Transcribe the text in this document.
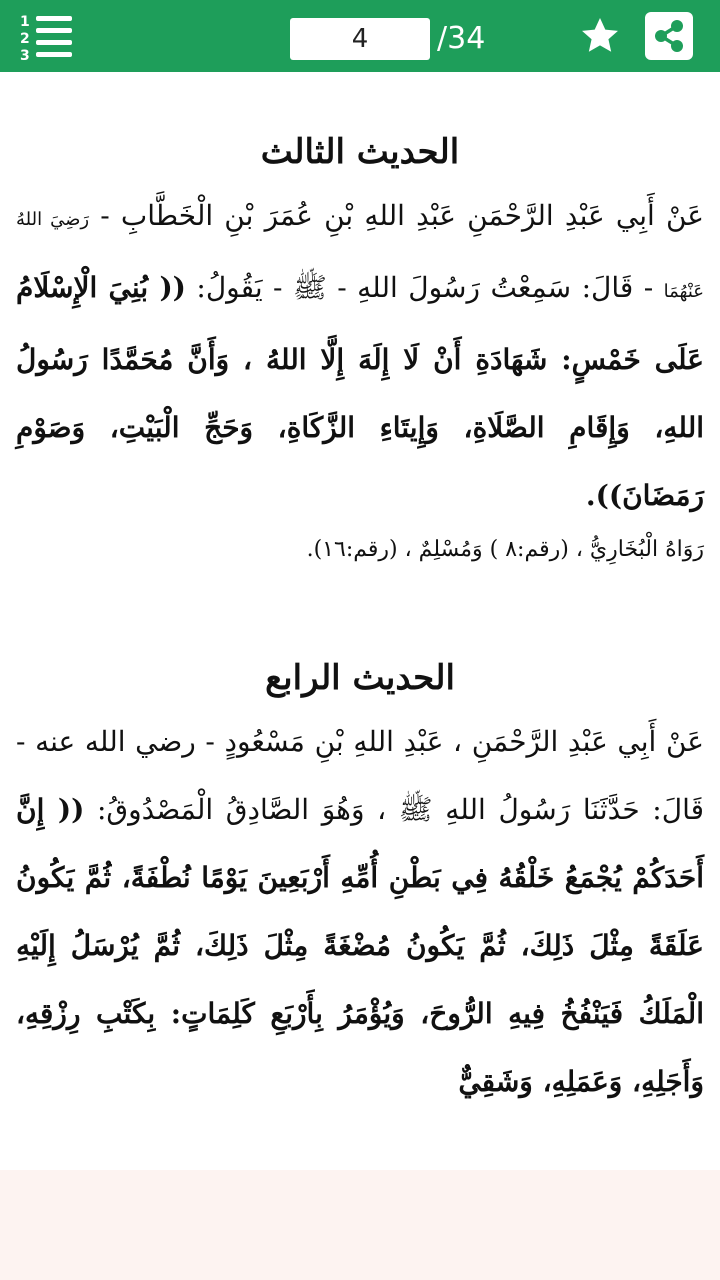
1
2
3
4	/34
الحديث الثالث

عَنْ أَبِي عَبْدِ الرَّحْمَنِ عَبْدِ اللهِ بْنِ عُمَرَ بْنِ الْخَطَّابِ - رَضِيَ اللهُ عَنْهُمَا - قَالَ: سَمِعْتُ رَسُولَ اللهِ - ﷺ - يَقُولُ: (( بُنِيَ الْإِسْلَامُ عَلَى خَمْسٍ: شَهَادَةِ أَنْ لَا إِلَهَ إِلَّا اللهُ ، وَأَنَّ مُحَمَّدًا رَسُولُ اللهِ، وَإِقَامِ الصَّلَاةِ، وَإِيتَاءِ الزَّكَاةِ، وَحَجِّ الْبَيْتِ، وَصَوْمِ رَمَضَانَ)).

رَوَاهُ الْبُخَارِيُّ ، (رقم:٨ ) وَمُسْلِمٌ ، (رقم:١٦).

الحديث الرابع

عَنْ أَبِي عَبْدِ الرَّحْمَنِ ، عَبْدِ اللهِ بْنِ مَسْعُودٍ - رضي الله عنه - قَالَ: حَدَّثَنَا رَسُولُ اللهِ ﷺ ، وَهُوَ الصَّادِقُ الْمَصْدُوقُ: (( إِنَّ أَحَدَكُمْ يُجْمَعُ خَلْقُهُ فِي بَطْنِ أُمِّهِ أَرْبَعِينَ يَوْمًا نُطْفَةً، ثُمَّ يَكُونُ عَلَقَةً مِثْلَ ذَلِكَ، ثُمَّ يَكُونُ مُضْغَةً مِثْلَ ذَلِكَ، ثُمَّ يُرْسَلُ إِلَيْهِ الْمَلَكُ فَيَنْفُخُ فِيهِ الرُّوحَ، وَيُؤْمَرُ بِأَرْبَعِ كَلِمَاتٍ: بِكَتْبِ رِزْقِهِ، وَأَجَلِهِ، وَعَمَلِهِ، وَشَقِيٌّ
